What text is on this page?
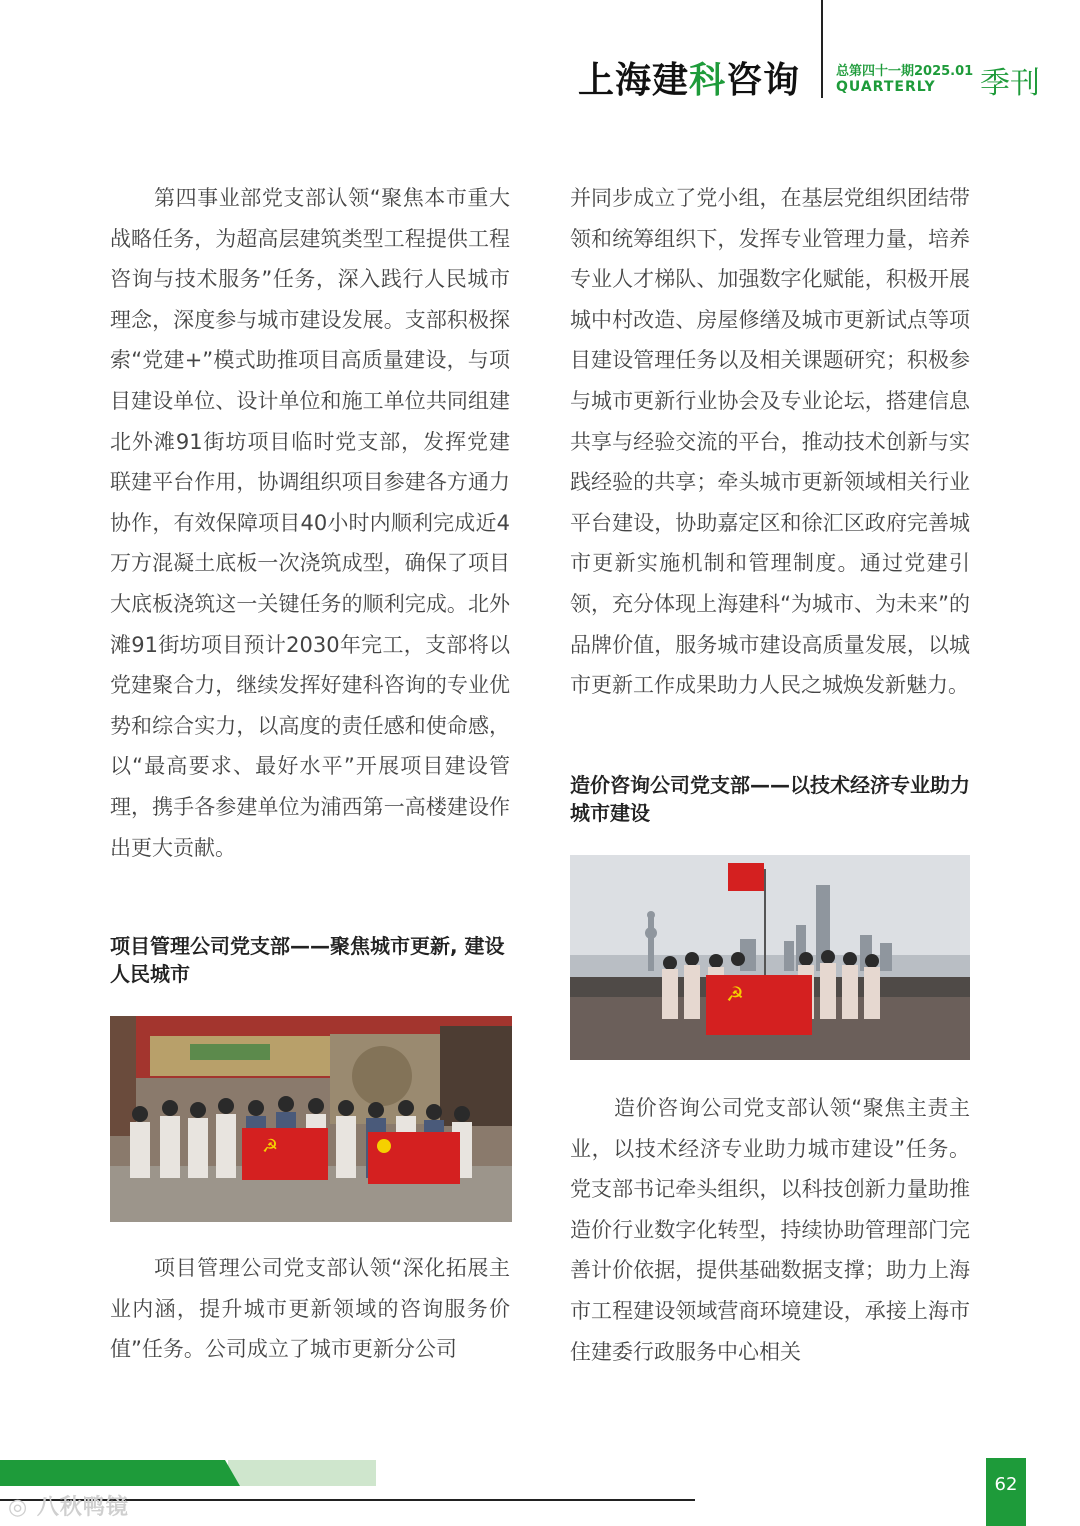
上海建科咨询	总第四十一期2025.01
QUARTERLY 季刊

第四事业部党支部认领“聚焦本市重大战略任务，为超高层建筑类型工程提供工程咨询与技术服务”任务，深入践行人民城市理念，深度参与城市建设发展。支部积极探索“党建+”模式助推项目高质量建设，与项目建设单位、设计单位和施工单位共同组建北外滩91街坊项目临时党支部，发挥党建联建平台作用，协调组织项目参建各方通力协作，有效保障项目40小时内顺利完成近4万方混凝土底板一次浇筑成型，确保了项目大底板浇筑这一关键任务的顺利完成。北外滩91街坊项目预计2030年完工，支部将以党建聚合力，继续发挥好建科咨询的专业优势和综合实力，以高度的责任感和使命感，以“最高要求、最好水平”开展项目建设管理，携手各参建单位为浦西第一高楼建设作出更大贡献。

项目管理公司党支部——聚焦城市更新, 建设人民城市
☭

项目管理公司党支部认领“深化拓展主业内涵，提升城市更新领域的咨询服务价值”任务。公司成立了城市更新分公司

并同步成立了党小组，在基层党组织团结带领和统筹组织下，发挥专业管理力量，培养专业人才梯队、加强数字化赋能，积极开展城中村改造、房屋修缮及城市更新试点等项目建设管理任务以及相关课题研究；积极参与城市更新行业协会及专业论坛，搭建信息共享与经验交流的平台，推动技术创新与实践经验的共享；牵头城市更新领域相关行业平台建设，协助嘉定区和徐汇区政府完善城市更新实施机制和管理制度。通过党建引领，充分体现上海建科“为城市、为未来”的品牌价值，服务城市建设高质量发展，以城市更新工作成果助力人民之城焕发新魅力。

造价咨询公司党支部——以技术经济专业助力城市建设
☭

造价咨询公司党支部认领“聚焦主责主业，以技术经济专业助力城市建设”任务。党支部书记牵头组织，以科技创新力量助推造价行业数字化转型，持续协助管理部门完善计价依据，提供基础数据支撑；助力上海市工程建设领域营商环境建设，承接上海市住建委行政服务中心相关

◎ 八秋鸭镜
62
